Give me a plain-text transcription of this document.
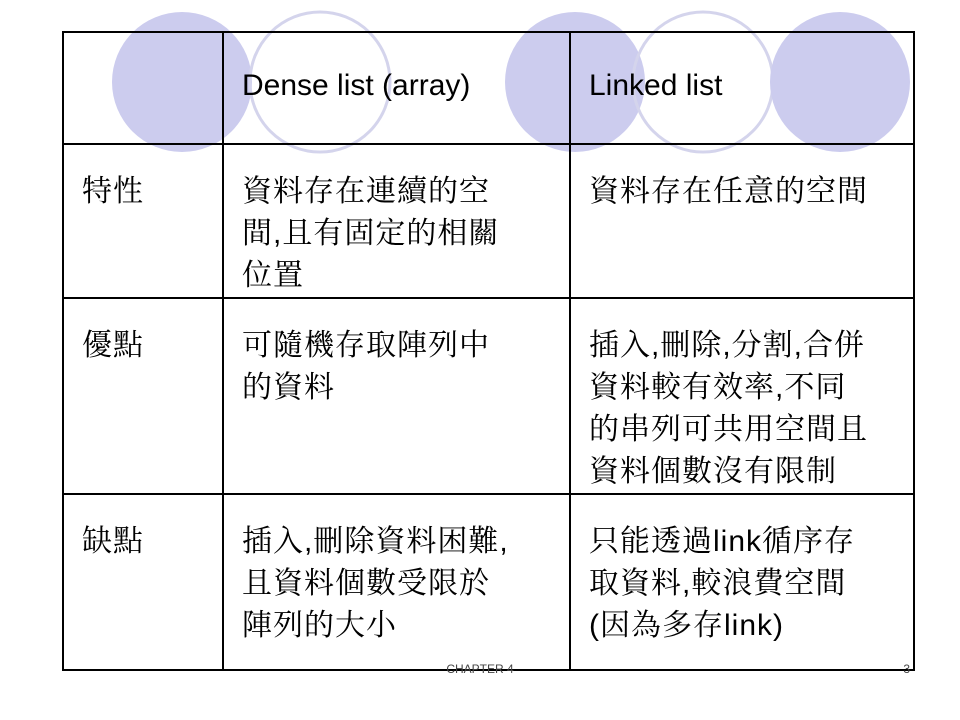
	Dense list (array)	Linked list

特性	資料存在連續的空
間,且有固定的相關
位置	資料存在任意的空間

優點	可隨機存取陣列中
的資料	插入,刪除,分割,合併
資料較有效率,不同
的串列可共用空間且
資料個數沒有限制

缺點	插入,刪除資料困難,
且資料個數受限於
陣列的大小	只能透過link循序存
取資料,較浪費空間
(因為多存link)
CHAPTER 4	3
